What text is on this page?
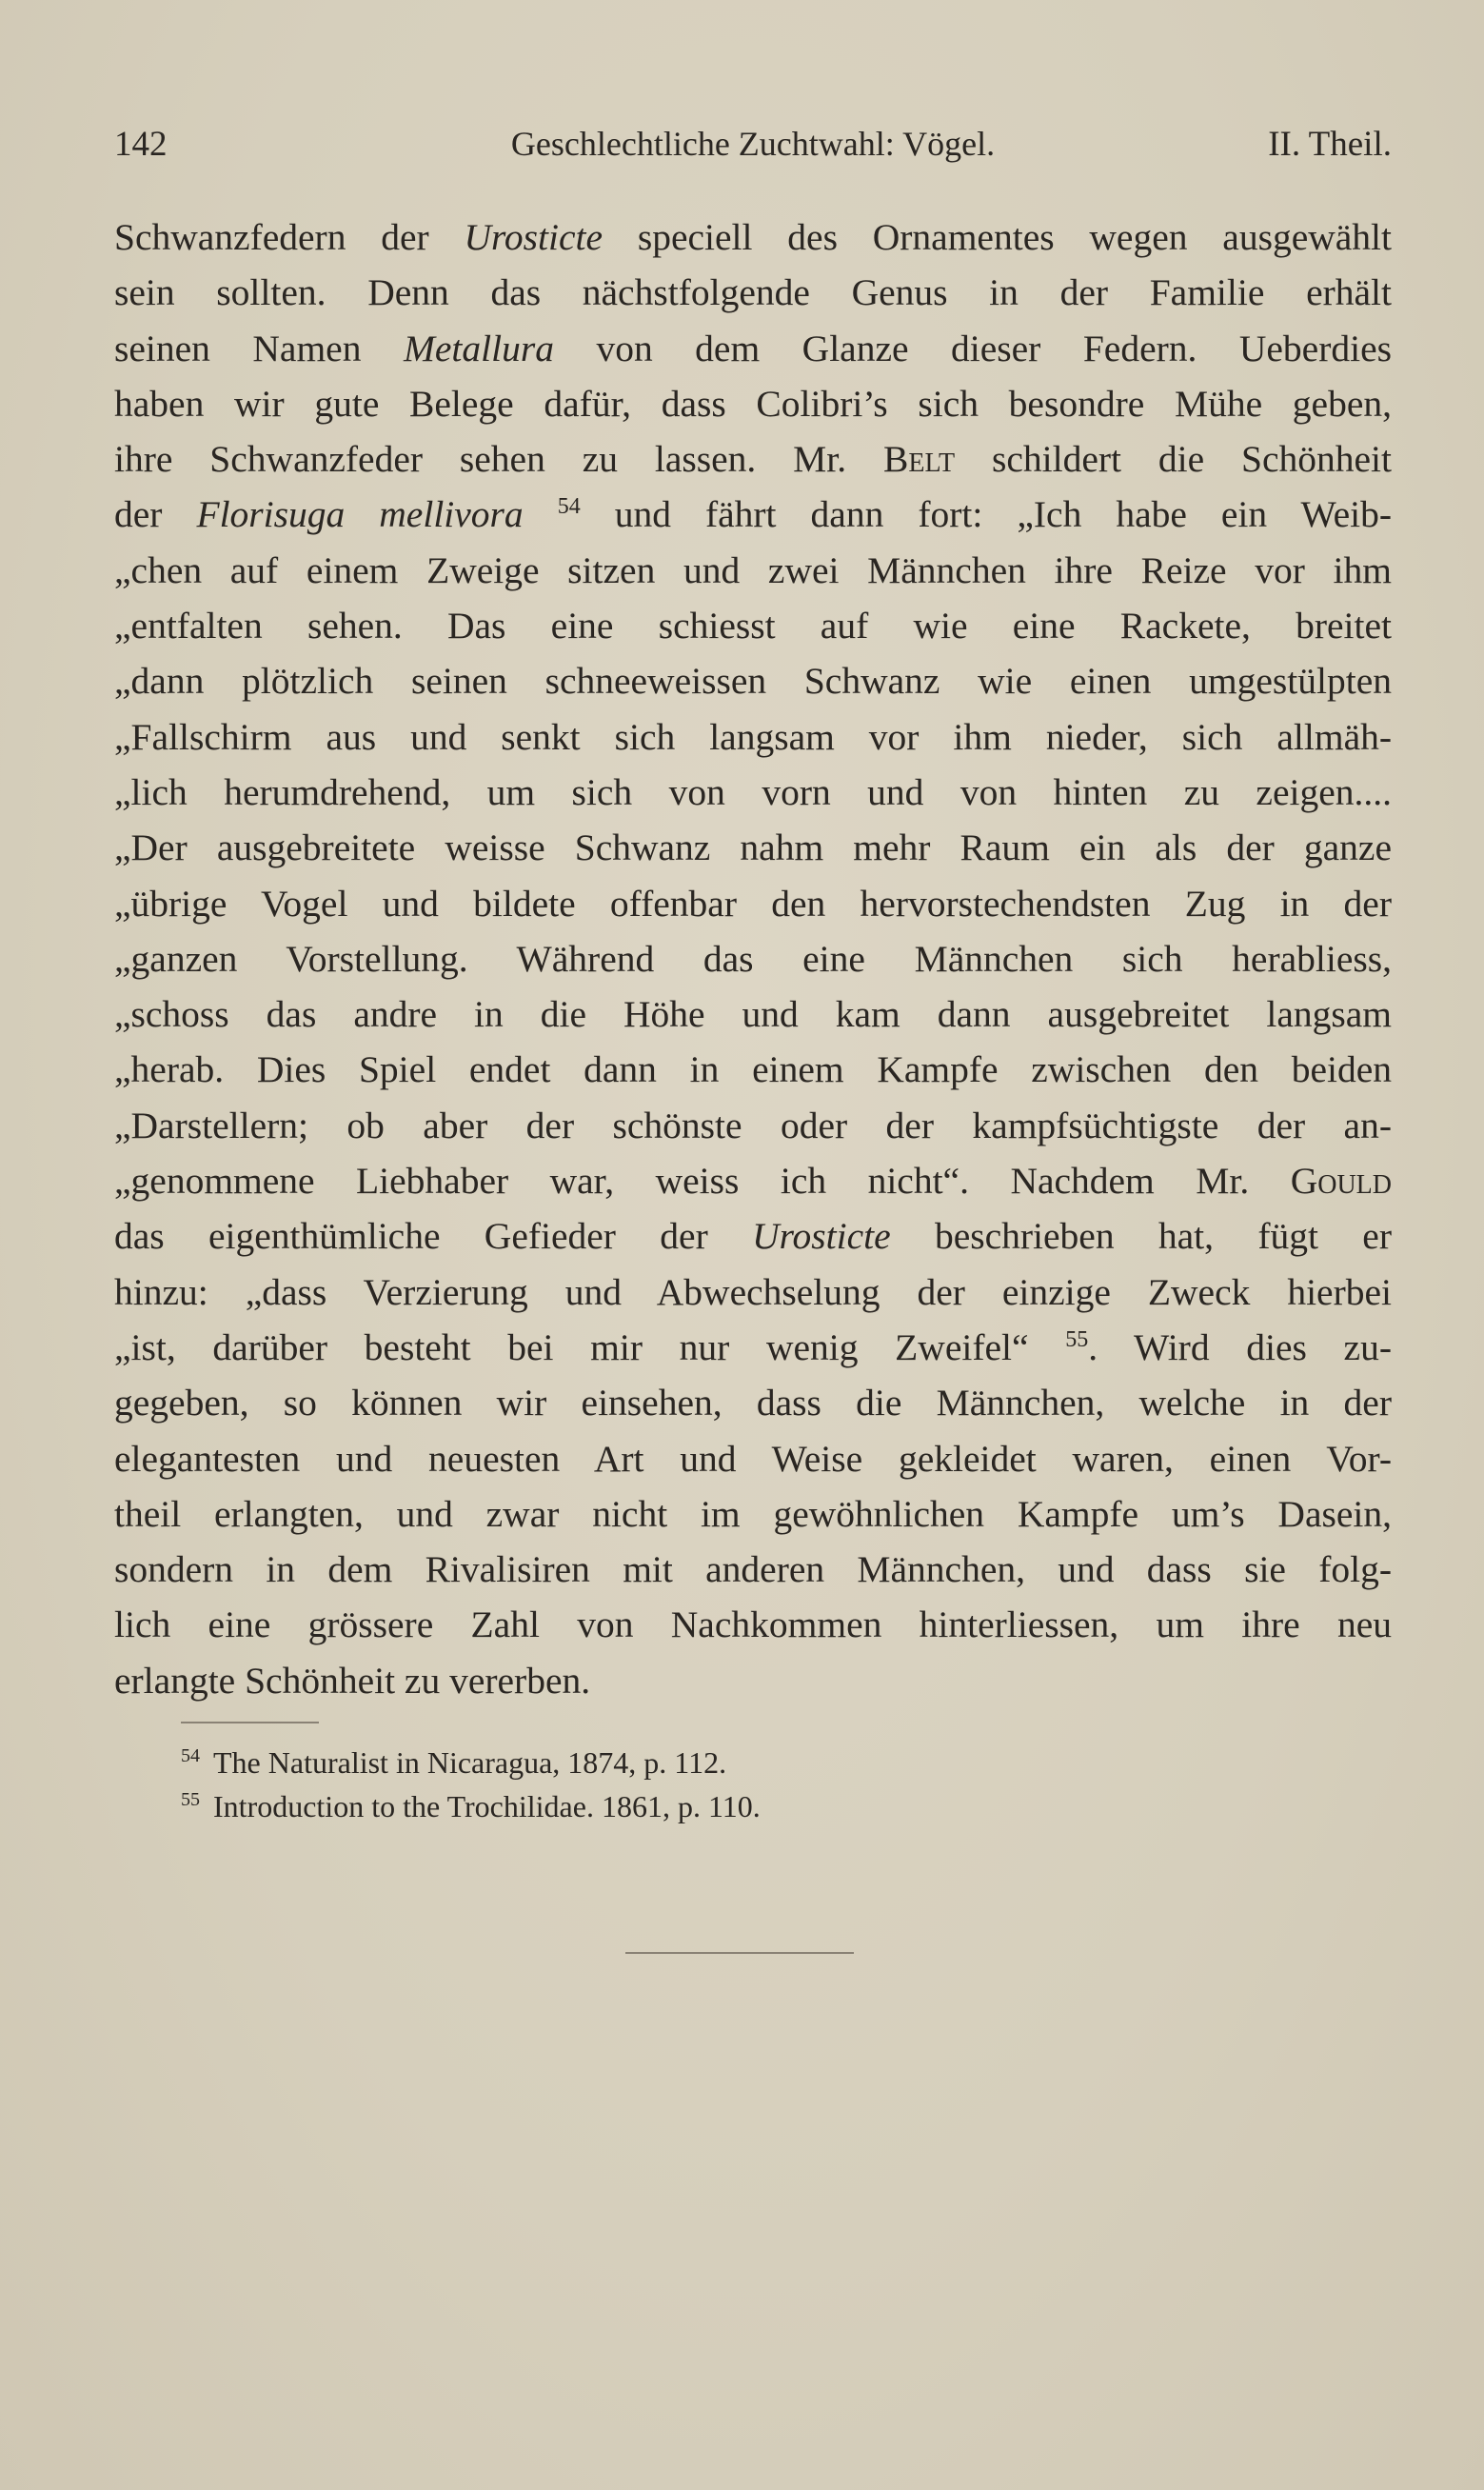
142	Geschlechtliche Zuchtwahl: Vögel.	II. Theil.
Schwanzfedern der Urosticte speciell des Ornamentes wegen ausgewählt
sein sollten. Denn das nächstfolgende Genus in der Familie erhält
seinen Namen Metallura von dem Glanze dieser Federn. Ueberdies
haben wir gute Belege dafür, dass Colibri’s sich besondre Mühe geben,
ihre Schwanzfeder sehen zu lassen. Mr. Belt schildert die Schönheit
der Florisuga mellivora $^{54}$ und fährt dann fort: „Ich habe ein Weib-
„chen auf einem Zweige sitzen und zwei Männchen ihre Reize vor ihm
„entfalten sehen. Das eine schiesst auf wie eine Rackete, breitet
„dann plötzlich seinen schneeweissen Schwanz wie einen umgestülpten
„Fallschirm aus und senkt sich langsam vor ihm nieder, sich allmäh-
„lich herumdrehend, um sich von vorn und von hinten zu zeigen....
„Der ausgebreitete weisse Schwanz nahm mehr Raum ein als der ganze
„übrige Vogel und bildete offenbar den hervorstechendsten Zug in der
„ganzen Vorstellung. Während das eine Männchen sich herabliess,
„schoss das andre in die Höhe und kam dann ausgebreitet langsam
„herab. Dies Spiel endet dann in einem Kampfe zwischen den beiden
„Darstellern; ob aber der schönste oder der kampfsüchtigste der an-
„genommene Liebhaber war, weiss ich nicht“. Nachdem Mr. Gould
das eigenthümliche Gefieder der Urosticte beschrieben hat, fügt er
hinzu: „dass Verzierung und Abwechselung der einzige Zweck hierbei
„ist, darüber besteht bei mir nur wenig Zweifel“ $^{55}$. Wird dies zu-
gegeben, so können wir einsehen, dass die Männchen, welche in der
elegantesten und neuesten Art und Weise gekleidet waren, einen Vor-
theil erlangten, und zwar nicht im gewöhnlichen Kampfe um’s Dasein,
sondern in dem Rivalisiren mit anderen Männchen, und dass sie folg-
lich eine grössere Zahl von Nachkommen hinterliessen, um ihre neu
erlangte Schönheit zu vererben.
$^{54}$ The Naturalist in Nicaragua, 1874, p. 112.
$^{55}$ Introduction to the Trochilidae. 1861, p. 110.
